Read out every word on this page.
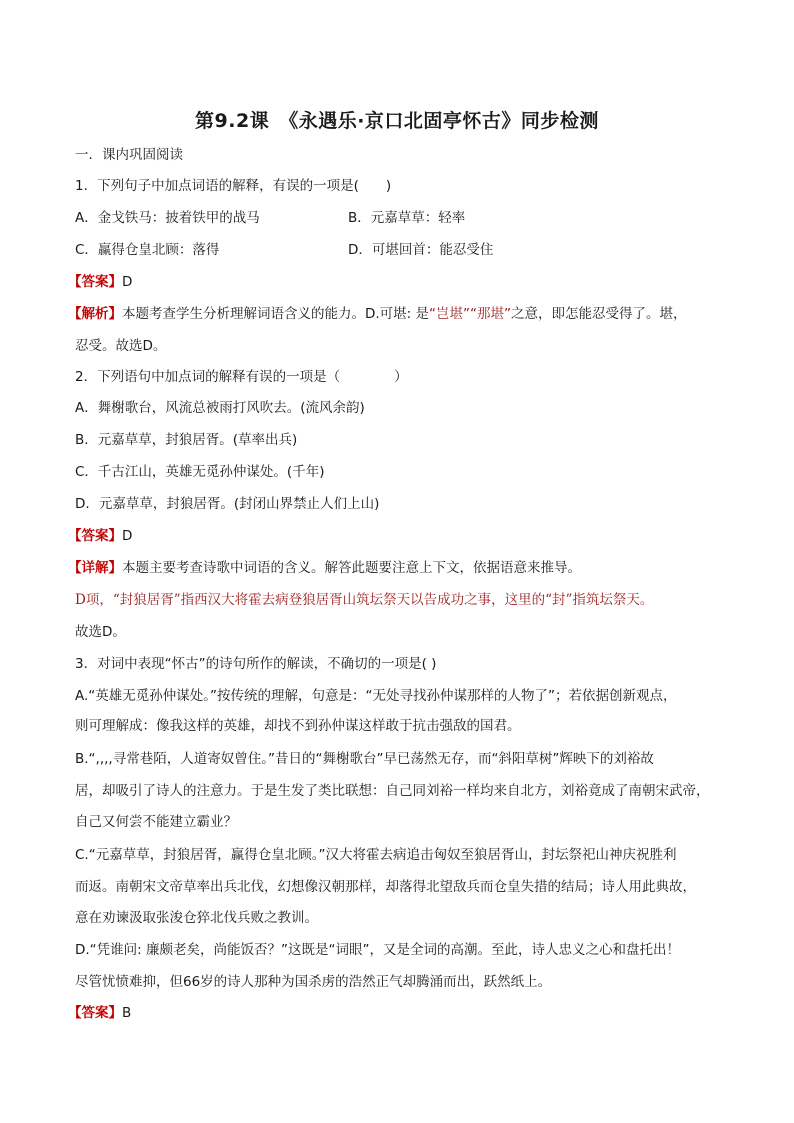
第9.2课　《永遇乐·京口北固亭怀古》同步检测
一．课内巩固阅读
1．下列句子中加点词语的解释，有误的一项是(　　)
A．金戈铁马：披着铁甲的战马	B．元嘉草草：轻率
C．赢得仓皇北顾：落得	D．可堪回首：能忍受住
【答案】D
【解析】本题考查学生分析理解词语含义的能力。D.可堪: 是“岂堪”“那堪”之意，即怎能忍受得了。堪，
忍受。故选D。
2．下列语句中加点词的解释有误的一项是（　　　　）
A．舞榭歌台，风流总被雨打风吹去。(流风余韵)
B．元嘉草草，封狼居胥。(草率出兵)
C．千古江山，英雄无觅孙仲谋处。(千年)
D．元嘉草草，封狼居胥。(封闭山界禁止人们上山)
【答案】D
【详解】本题主要考查诗歌中词语的含义。解答此题要注意上下文，依据语意来推导。
D项，“封狼居胥”指西汉大将霍去病登狼居胥山筑坛祭天以告成功之事，这里的“封”指筑坛祭天。
故选D。
3．对词中表现“怀古”的诗句所作的解读，不确切的一项是( )
A.“英雄无觅孙仲谋处。”按传统的理解，句意是：“无处寻找孙仲谋那样的人物了”；若依据创新观点，
则可理解成：像我这样的英雄，却找不到孙仲谋这样敢于抗击强敌的国君。
B.“,,,,寻常巷陌，人道寄奴曾住。”昔日的“舞榭歌台”早已荡然无存，而“斜阳草树”辉映下的刘裕故
居，却吸引了诗人的注意力。于是生发了类比联想：自己同刘裕一样均来自北方，刘裕竟成了南朝宋武帝，
自己又何尝不能建立霸业？
C.“元嘉草草，封狼居胥，赢得仓皇北顾。”汉大将霍去病追击匈奴至狼居胥山，封坛祭祀山神庆祝胜利
而返。南朝宋文帝草率出兵北伐，幻想像汉朝那样，却落得北望敌兵而仓皇失措的结局；诗人用此典故，
意在劝谏汲取张浚仓猝北伐兵败之教训。
D.“凭谁问: 廉颇老矣，尚能饭否？”这既是“词眼”，又是全词的高潮。至此，诗人忠义之心和盘托出！
尽管忧愤难抑，但66岁的诗人那种为国杀虏的浩然正气却腾涌而出，跃然纸上。
【答案】B
